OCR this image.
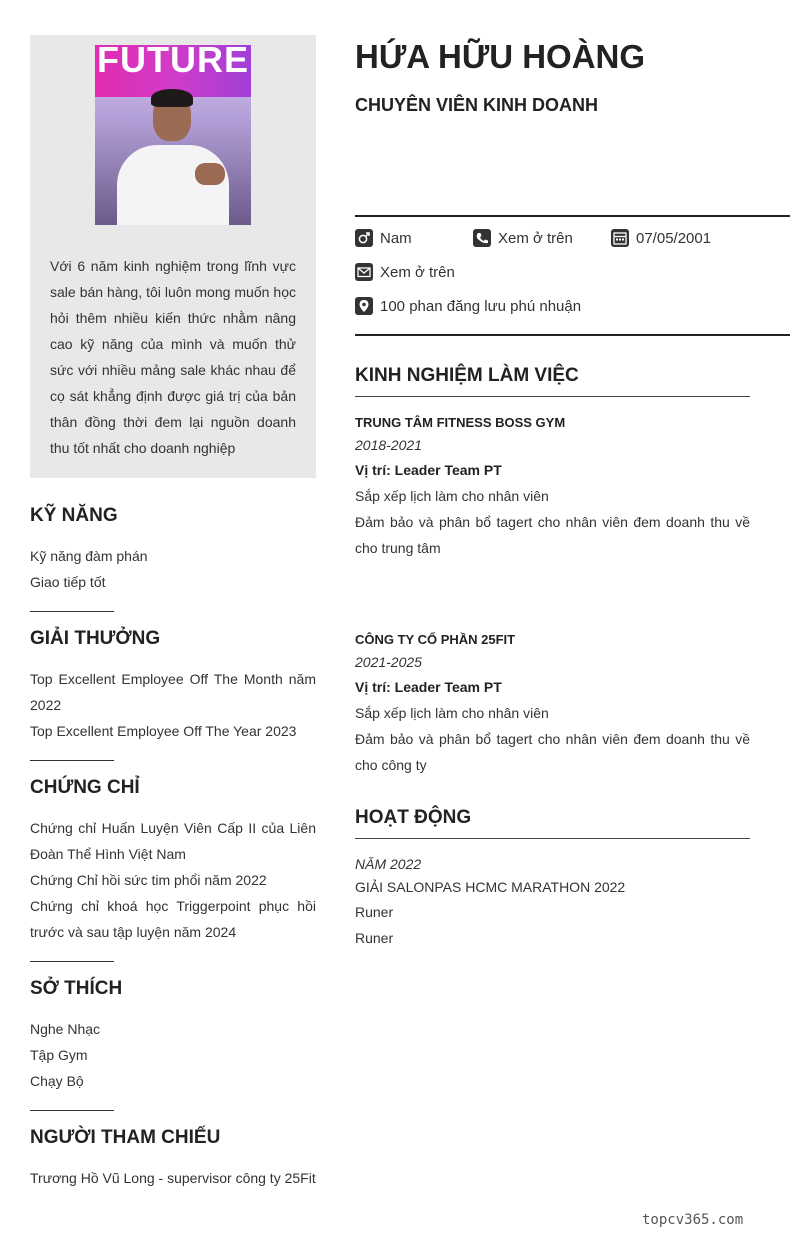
FUTURE
Với 6 năm kinh nghiệm trong lĩnh vực sale bán hàng, tôi luôn mong muốn học hỏi thêm nhiều kiến thức nhằm nâng cao kỹ năng của mình và muốn thử sức với nhiều mảng sale khác nhau để cọ sát khẳng định được giá trị của bản thân đồng thời đem lại nguồn doanh thu tốt nhất cho doanh nghiệp
KỸ NĂNG
Kỹ năng đàm phán
Giao tiếp tốt
GIẢI THƯỞNG
Top Excellent Employee Off The Month năm 2022
Top Excellent Employee Off The Year 2023
CHỨNG CHỈ
Chứng chỉ Huấn Luyện Viên Cấp II của Liên Đoàn Thể Hình Việt Nam
Chứng Chỉ hồi sức tim phổi năm 2022
Chứng chỉ khoá học Triggerpoint phục hồi trước và sau tập luyện năm 2024
SỞ THÍCH
Nghe Nhạc
Tập Gym
Chạy Bộ
NGƯỜI THAM CHIẾU
Trương Hồ Vũ Long - supervisor công ty 25Fit
HỨA HỮU HOÀNG
CHUYÊN VIÊN KINH DOANH
Nam	Xem ở trên	07/05/2001
Xem ở trên
100 phan đăng lưu phú nhuận
KINH NGHIỆM LÀM VIỆC
TRUNG TÂM FITNESS BOSS GYM
2018-2021
Vị trí: Leader Team PT
Sắp xếp lịch làm cho nhân viên
Đảm bảo và phân bổ tagert cho nhân viên đem doanh thu về cho trung tâm
CÔNG TY CỔ PHẦN 25FIT
2021-2025
Vị trí: Leader Team PT
Sắp xếp lịch làm cho nhân viên
Đảm bảo và phân bổ tagert cho nhân viên đem doanh thu về cho công ty
HOẠT ĐỘNG
NĂM 2022
GIẢI SALONPAS HCMC MARATHON 2022
Runer
Runer
topcv365.com
